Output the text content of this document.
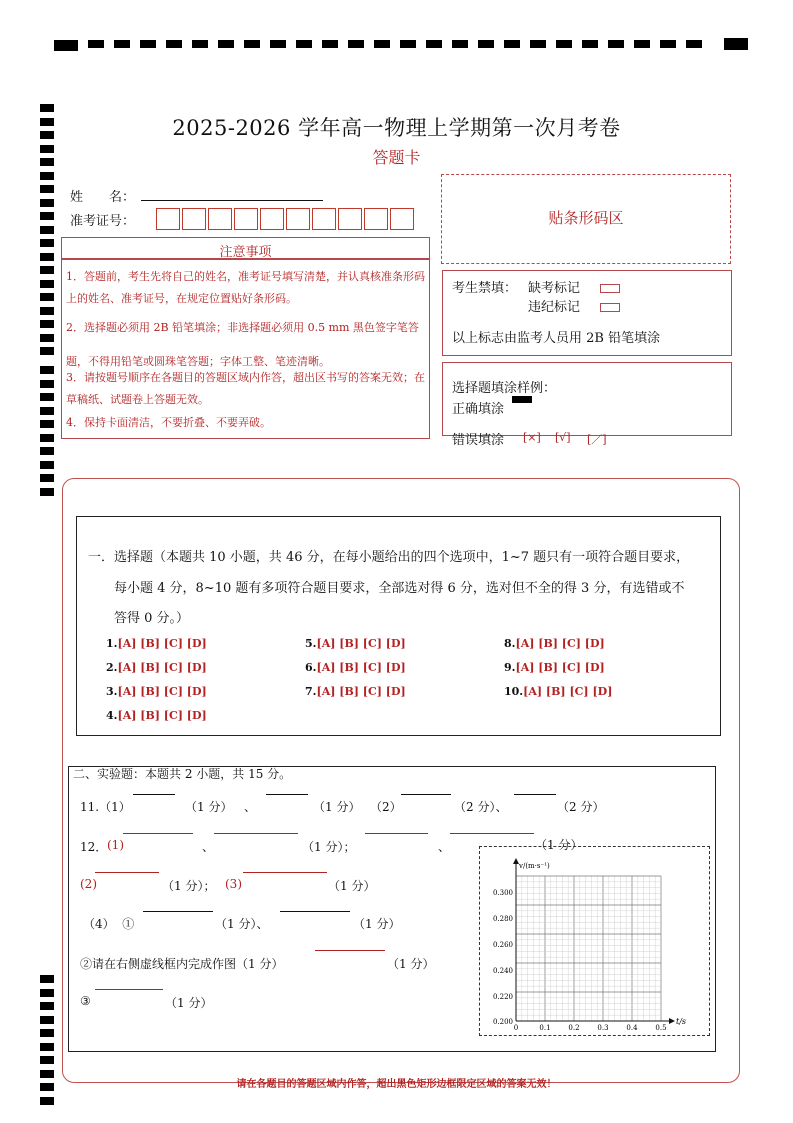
2025-2026 学年高一物理上学期第一次月考卷
答题卡
姓　　名：
准考证号：	贴条形码区
注意事项
1．答题前，考生先将自己的姓名，准考证号填写清楚，并认真核准条形码上的姓名、准考证号，在规定位置贴好条形码。
2．选择题必须用 2B 铅笔填涂；非选择题必须用 0.5 mm 黑色签字笔答题，不得用铅笔或圆珠笔答题；字体工整、笔迹清晰。
3．请按题号顺序在各题目的答题区域内作答，超出区书写的答案无效；在草稿纸、试题卷上答题无效。
4．保持卡面清洁，不要折叠、不要弄破。
考生禁填： 缺考标记
违纪标记
以上标志由监考人员用 2B 铅笔填涂
选择题填涂样例：
正确填涂
错误填涂 [×] [√] [／]
一．选择题（本题共 10 小题，共 46 分，在每小题给出的四个选项中，1~7 题只有一项符合题目要求，
每小题 4 分，8~10 题有多项符合题目要求，全部选对得 6 分，选对但不全的得 3 分，有选错或不
答得 0 分。）
1.[A] [B] [C] [D]
2.[A] [B] [C] [D]
3.[A] [B] [C] [D]
4.[A] [B] [C] [D]
5.[A] [B] [C] [D]
6.[A] [B] [C] [D]
7.[A] [B] [C] [D]
8.[A] [B] [C] [D]
9.[A] [B] [C] [D]
10.[A] [B] [C] [D]
二、实验题：本题共 2 小题，共 15 分。
11.（1）	（1 分） 、	（1 分） （2）	（2 分）、	（2 分）
12． (1)	、	（1 分）；	、	（1 分）
(2)	（1 分）； (3)	（1 分）
（4）  ①	（1 分）、	（1 分）
②请在右侧虚线框内完成作图（1 分）	（1 分）
③	（1 分）
v/(m·s⁻¹)
t/s
0.300
0.280
0.260
0.240
0.220
0.200
0	0.1	0.2	0.3	0.4	0.5
请在各题目的答题区域内作答，超出黑色矩形边框限定区域的答案无效！
